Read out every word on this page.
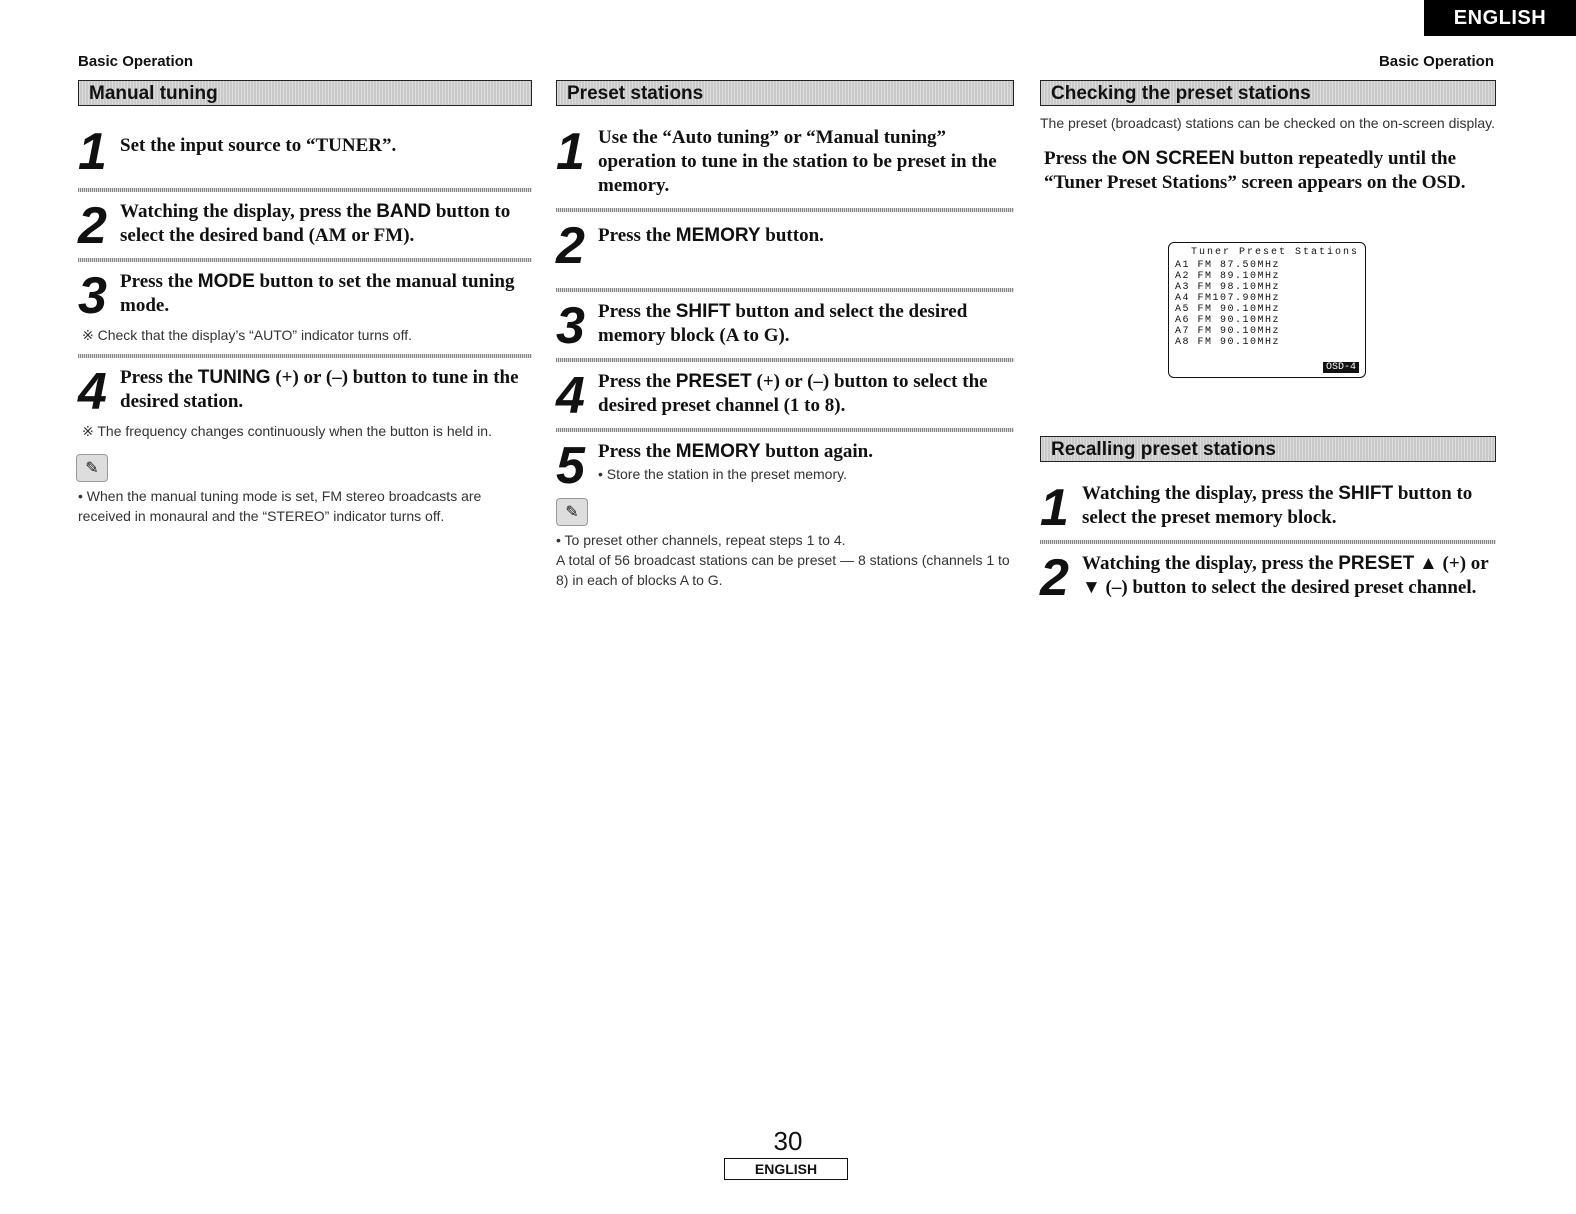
ENGLISH
Basic Operation	Basic Operation
Manual tuning
1 Set the input source to “TUNER”.
2 Watching the display, press the BAND button to select the desired band (AM or FM).
3 Press the MODE button to set the manual tuning mode.
※ Check that the display’s “AUTO” indicator turns off.
4 Press the TUNING (+) or (–) button to tune in the desired station.
※ The frequency changes continuously when the button is held in.
✎
• When the manual tuning mode is set, FM stereo broadcasts are received in monaural and the “STEREO” indicator turns off.
Preset stations
1 Use the “Auto tuning” or “Manual tuning” operation to tune in the station to be preset in the memory.
2 Press the MEMORY button.
3 Press the SHIFT button and select the desired memory block (A to G).
4 Press the PRESET (+) or (–) button to select the desired preset channel (1 to 8).
5 Press the MEMORY button again.
• Store the station in the preset memory.
✎
• To preset other channels, repeat steps 1 to 4.
A total of 56 broadcast stations can be preset — 8 stations (channels 1 to 8) in each of blocks A to G.
Checking the preset stations
The preset (broadcast) stations can be checked on the on-screen display.
Press the ON SCREEN button repeatedly until the “Tuner Preset Stations” screen appears on the OSD.
Tuner Preset Stations
A1 FM 87.50MHz
A2 FM 89.10MHz
A3 FM 98.10MHz
A4 FM107.90MHz
A5 FM 90.10MHz
A6 FM 90.10MHz
A7 FM 90.10MHz
A8 FM 90.10MHz
OSD-4
Recalling preset stations
1 Watching the display, press the SHIFT button to select the preset memory block.
2 Watching the display, press the PRESET ▲ (+) or ▼ (–) button to select the desired preset channel.
30
ENGLISH
